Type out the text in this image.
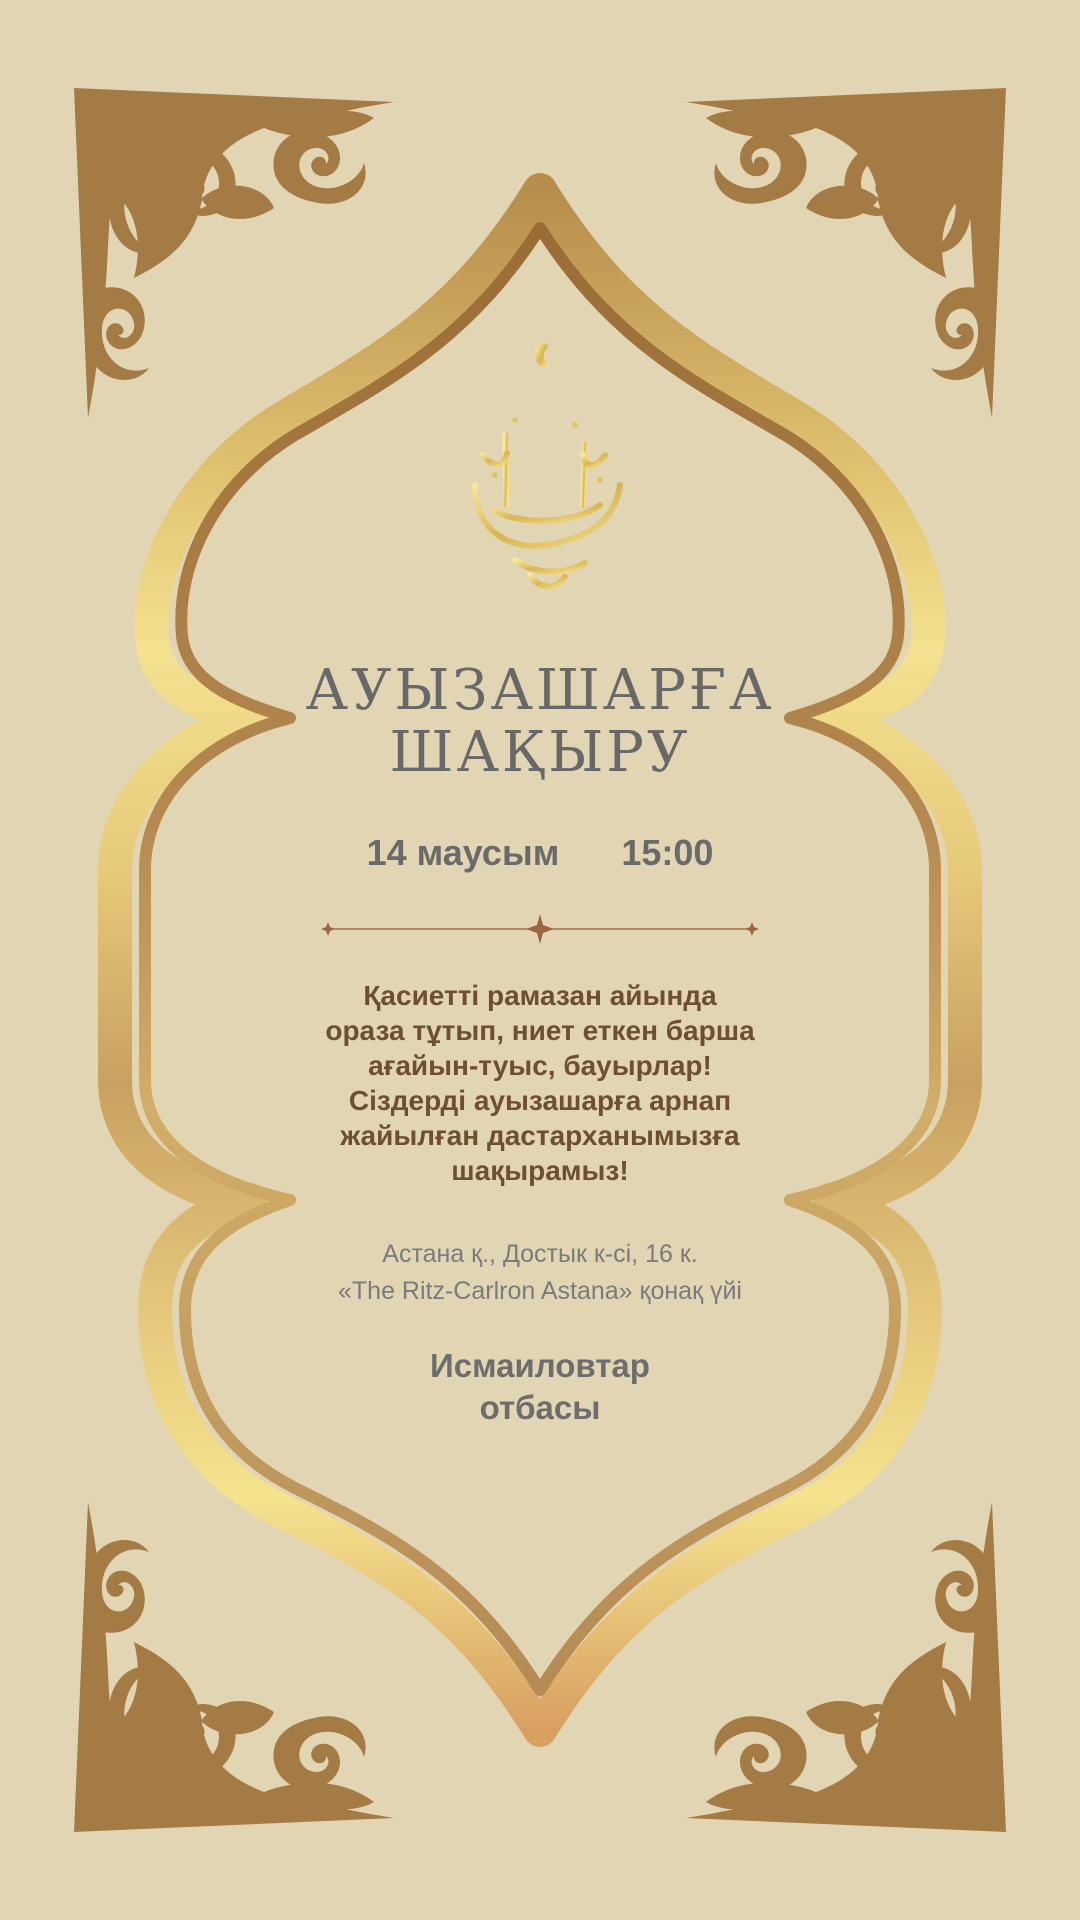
АУЫЗАШАРҒА
ШАҚЫРУ
14 маусым 15:00
Қасиетті рамазан айында
ораза тұтып, ниет еткен барша
ағайын-туыс, бауырлар!
Сіздерді ауызашарға арнап
жайылған дастарханымызға
шақырамыз!
Астана қ., Достык к-сі, 16 к.
«The Ritz-Carlron Astana» қонақ үйі
Исмаиловтар
отбасы
